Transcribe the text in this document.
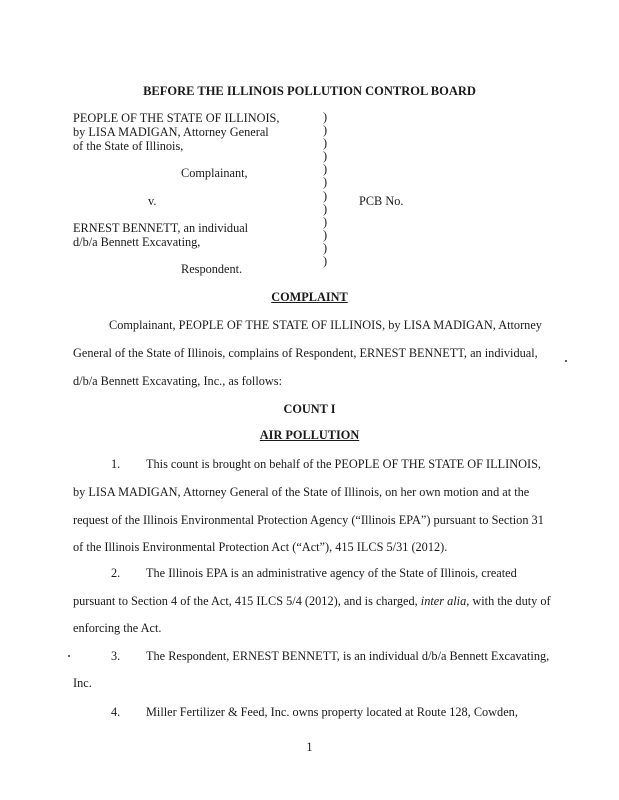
BEFORE THE ILLINOIS POLLUTION CONTROL BOARD
PEOPLE OF THE STATE OF ILLINOIS,
by LISA MADIGAN, Attorney General
of the State of Illinois,
Complainant,
v.
ERNEST BENNETT, an individual
d/b/a Bennett Excavating,
Respondent.
)
)
)
)
)
)
)
)
)
)
)
)
PCB No.
COMPLAINT
Complainant, PEOPLE OF THE STATE OF ILLINOIS, by LISA MADIGAN, Attorney
General of the State of Illinois, complains of Respondent, ERNEST BENNETT, an individual,
d/b/a Bennett Excavating, Inc., as follows:
COUNT I
AIR POLLUTION
1. This count is brought on behalf of the PEOPLE OF THE STATE OF ILLINOIS,
by LISA MADIGAN, Attorney General of the State of Illinois, on her own motion and at the
request of the Illinois Environmental Protection Agency (“Illinois EPA”) pursuant to Section 31
of the Illinois Environmental Protection Act (“Act”), 415 ILCS 5/31 (2012).
2. The Illinois EPA is an administrative agency of the State of Illinois, created
pursuant to Section 4 of the Act, 415 ILCS 5/4 (2012), and is charged, inter alia, with the duty of
enforcing the Act.
3. The Respondent, ERNEST BENNETT, is an individual d/b/a Bennett Excavating,
Inc.
4. Miller Fertilizer & Feed, Inc. owns property located at Route 128, Cowden,
1
